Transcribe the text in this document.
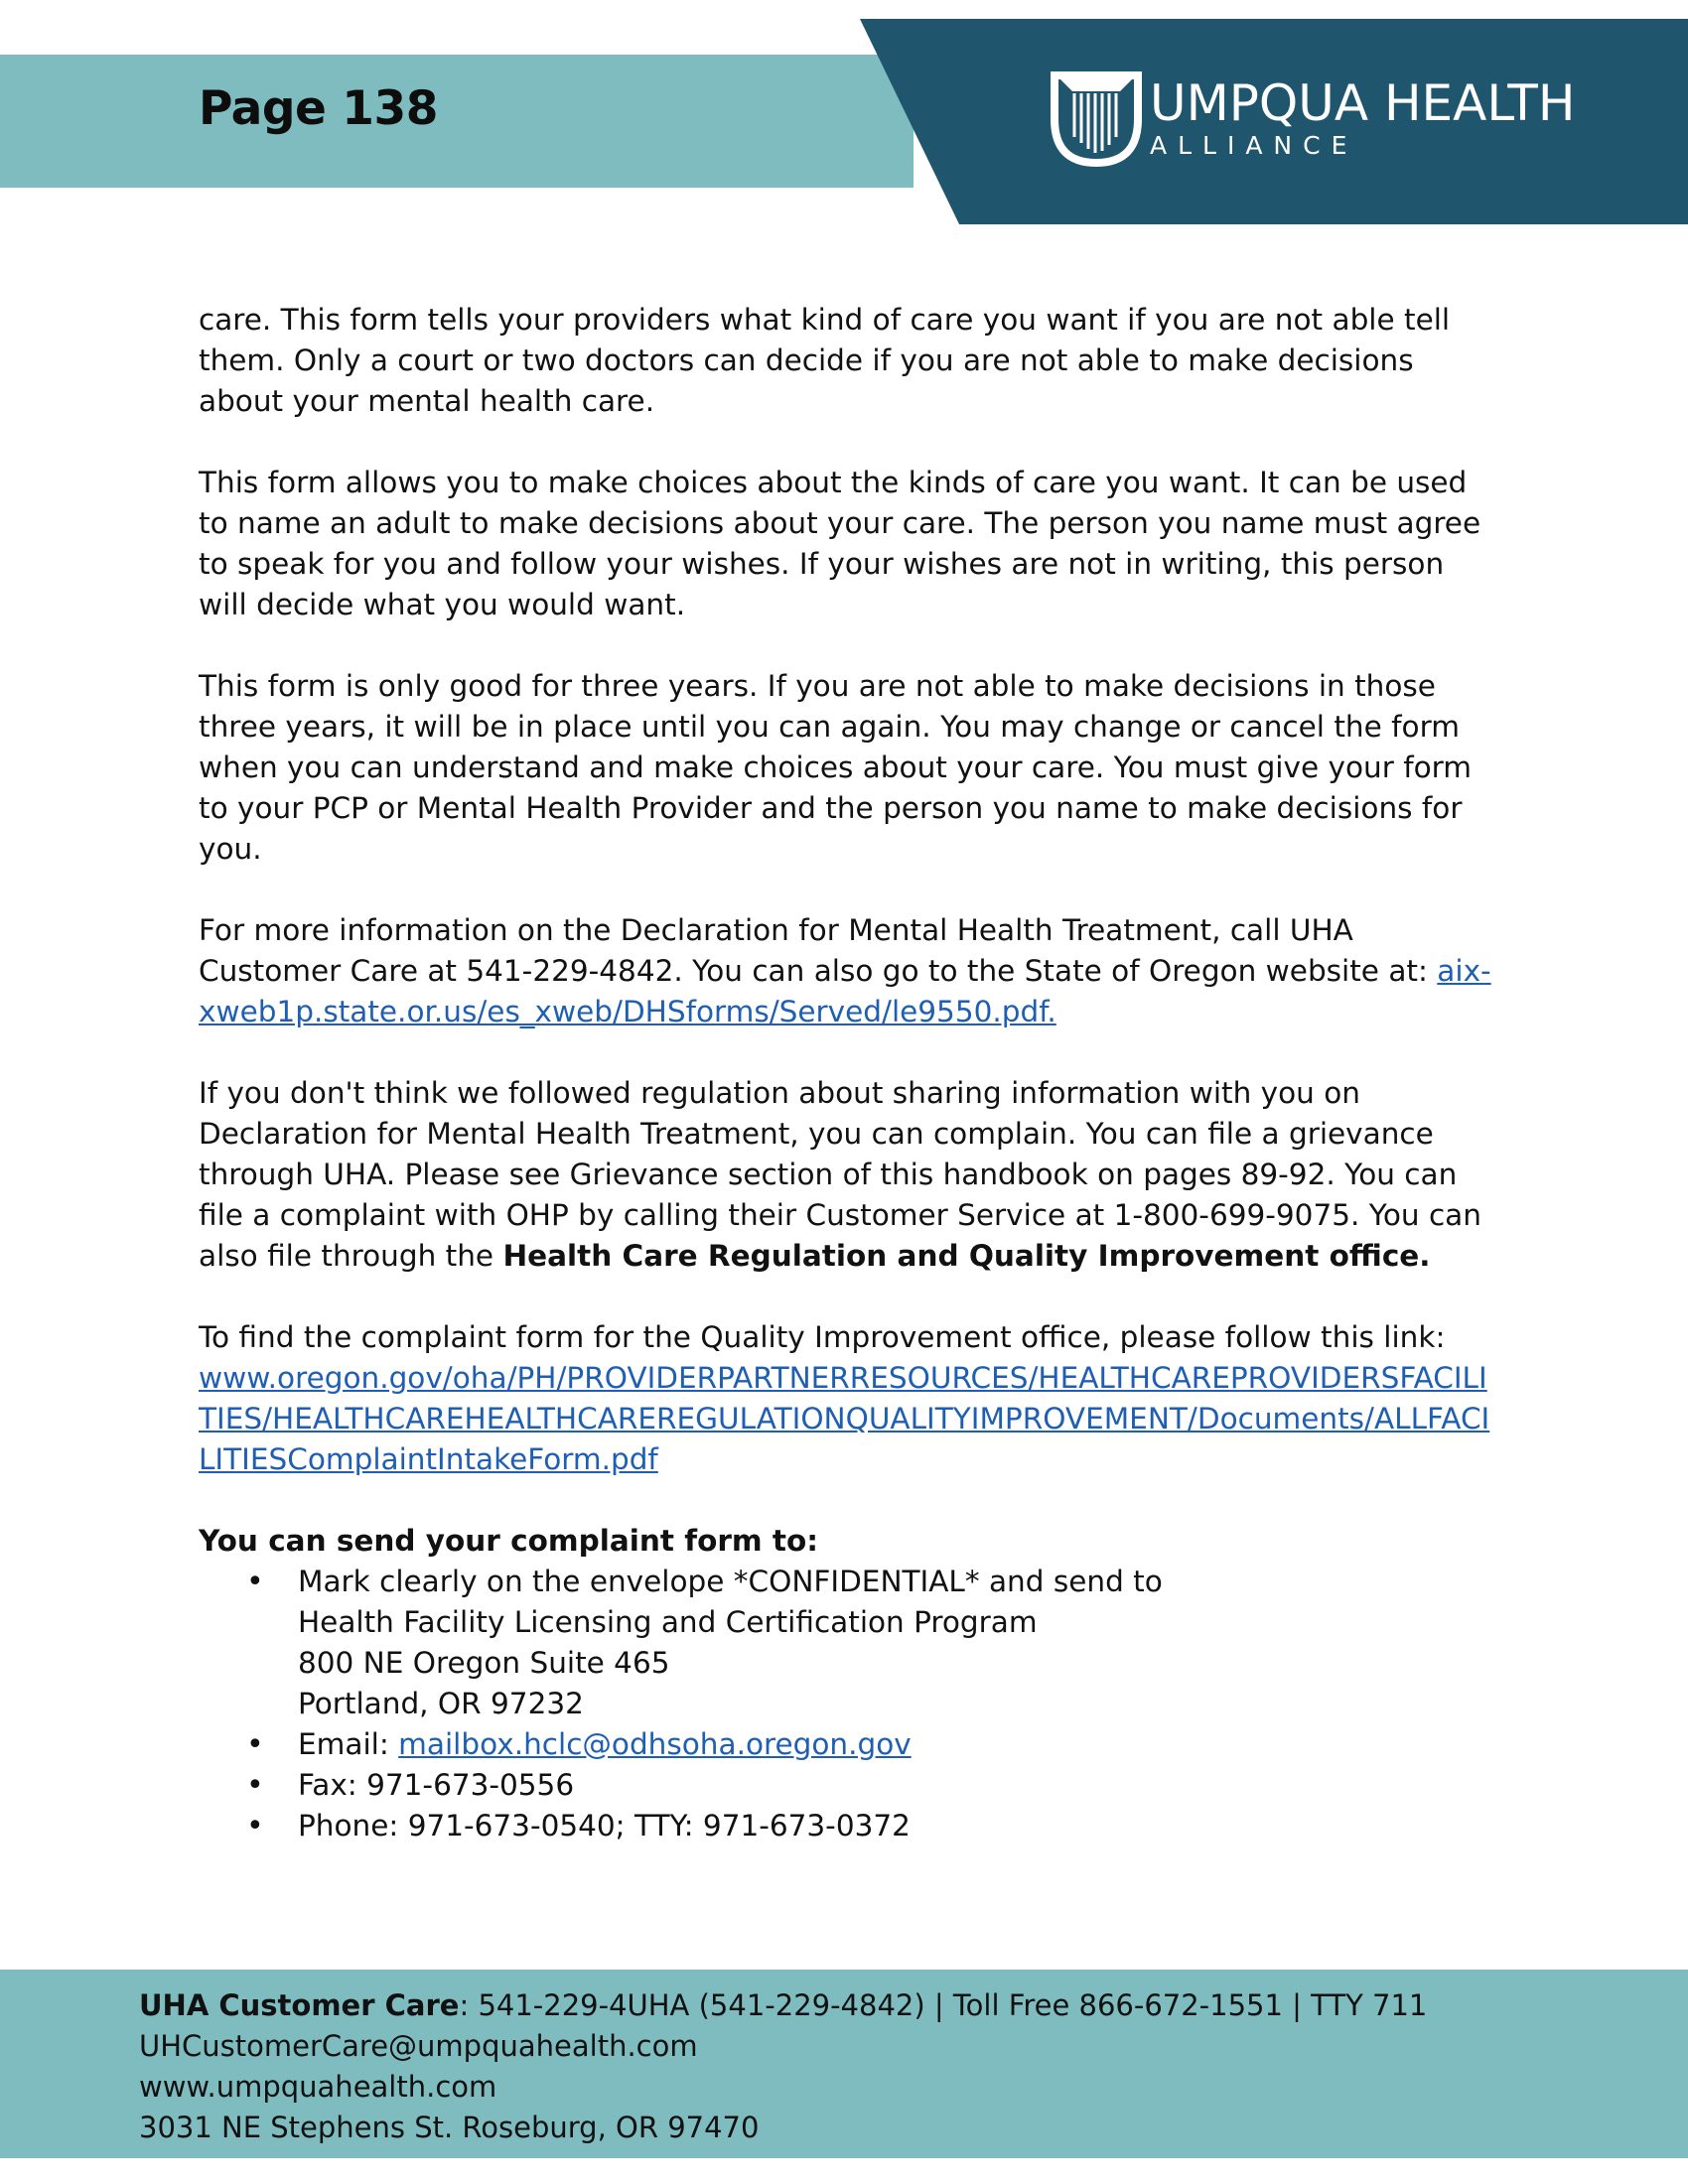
Page 138	UMPQUA HEALTH
ALLIANCE

care. This form tells your providers what kind of care you want if you are not able tell them. Only a court or two doctors can decide if you are not able to make decisions about your mental health care.

This form allows you to make choices about the kinds of care you want. It can be used to name an adult to make decisions about your care. The person you name must agree to speak for you and follow your wishes. If your wishes are not in writing, this person will decide what you would want.

This form is only good for three years. If you are not able to make decisions in those three years, it will be in place until you can again. You may change or cancel the form when you can understand and make choices about your care. You must give your form to your PCP or Mental Health Provider and the person you name to make decisions for you.

For more information on the Declaration for Mental Health Treatment, call UHA Customer Care at 541-229-4842. You can also go to the State of Oregon website at: aix-xweb1p.state.or.us/es_xweb/DHSforms/Served/le9550.pdf.

If you don't think we followed regulation about sharing information with you on Declaration for Mental Health Treatment, you can complain. You can file a grievance through UHA. Please see Grievance section of this handbook on pages 89-92. You can file a complaint with OHP by calling their Customer Service at 1-800-699-9075. You can also file through the Health Care Regulation and Quality Improvement office.

To find the complaint form for the Quality Improvement office, please follow this link:
www.oregon.gov/oha/PH/PROVIDERPARTNERRESOURCES/HEALTHCAREPROVIDERSFACILITIES/HEALTHCAREHEALTHCAREREGULATIONQUALITYIMPROVEMENT/Documents/ALLFACILITIESComplaintIntakeForm.pdf

You can send your complaint form to:
• Mark clearly on the envelope *CONFIDENTIAL* and send to
Health Facility Licensing and Certification Program
800 NE Oregon Suite 465
Portland, OR 97232
• Email: mailbox.hclc@odhsoha.oregon.gov
• Fax: 971-673-0556
• Phone: 971-673-0540; TTY: 971-673-0372
UHA Customer Care: 541-229-4UHA (541-229-4842) | Toll Free 866-672-1551 | TTY 711
UHCustomerCare@umpquahealth.com
www.umpquahealth.com
3031 NE Stephens St. Roseburg, OR 97470
